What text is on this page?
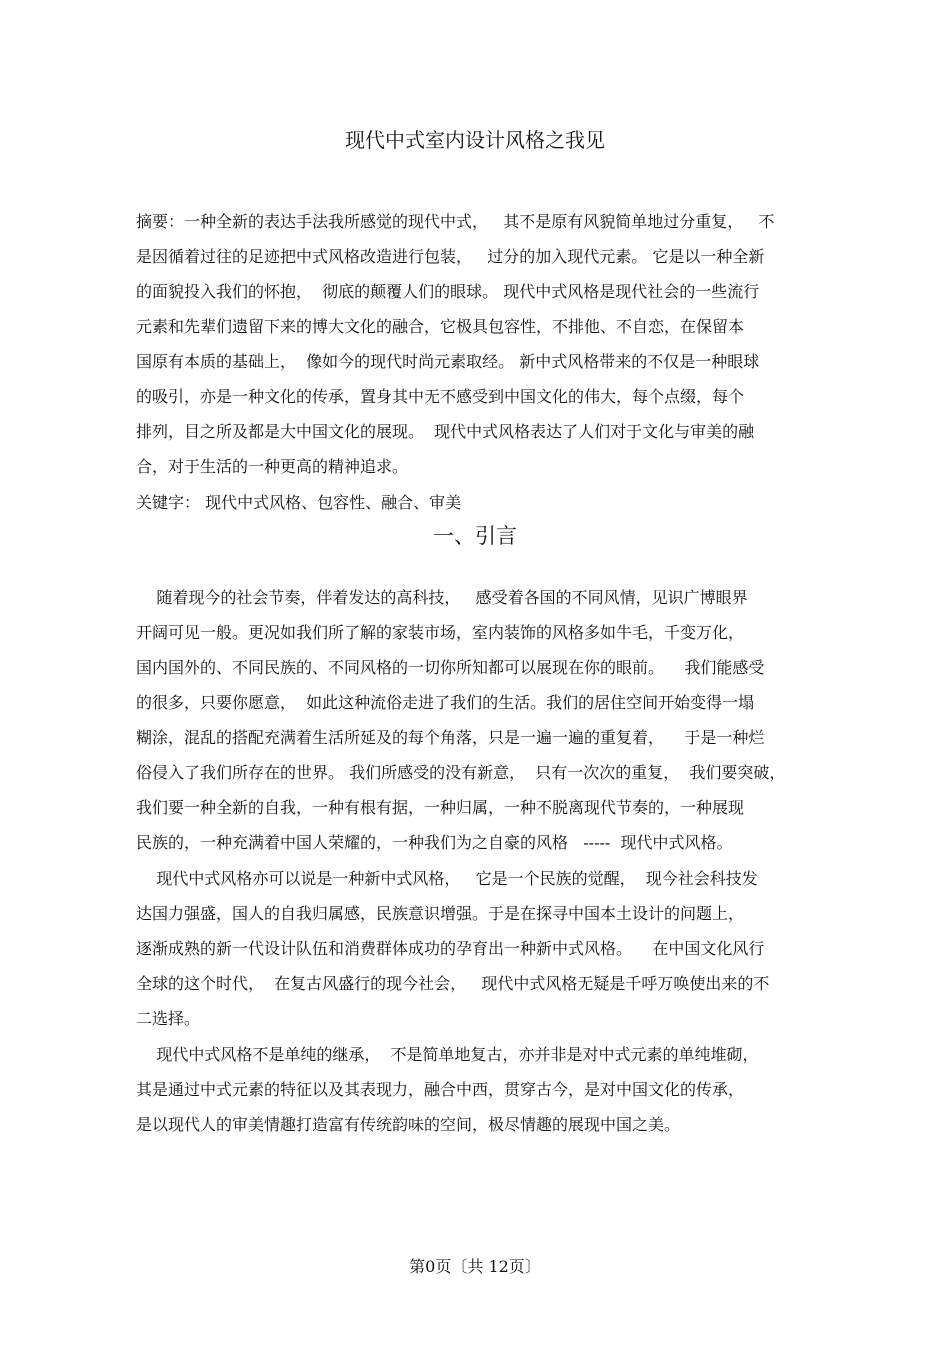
现代中式室内设计风格之我见
摘要：一种全新的表达手法我所感觉的现代中式，   其不是原有风貌简单地过分重复，   不
是因循着过往的足迹把中式风格改造进行包装，   过分的加入现代元素。 它是以一种全新
的面貌投入我们的怀抱，  彻底的颠覆人们的眼球。 现代中式风格是现代社会的一些流行
元素和先辈们遗留下来的博大文化的融合，它极具包容性，不排他、不自恋，在保留本
国原有本质的基础上，  像如今的现代时尚元素取经。 新中式风格带来的不仅是一种眼球
的吸引，亦是一种文化的传承，置身其中无不感受到中国文化的伟大，每个点缀，每个
排列，目之所及都是大中国文化的展现。  现代中式风格表达了人们对于文化与审美的融
合，对于生活的一种更高的精神追求。
关键字： 现代中式风格、包容性、融合、审美
一、引言
随着现今的社会节奏，伴着发达的高科技，   感受着各国的不同风情，见识广博眼界
开阔可见一般。更况如我们所了解的家装市场，室内装饰的风格多如牛毛，千变万化，
国内国外的、不同民族的、不同风格的一切你所知都可以展现在你的眼前。    我们能感受
的很多，只要你愿意，  如此这种流俗走进了我们的生活。我们的居住空间开始变得一塌
糊涂，混乱的搭配充满着生活所延及的每个角落，只是一遍一遍的重复着，    于是一种烂
俗侵入了我们所存在的世界。 我们所感受的没有新意，  只有一次次的重复，  我们要突破，
我们要一种全新的自我，一种有根有据，一种归属，一种不脱离现代节奏的，一种展现
民族的，一种充满着中国人荣耀的，一种我们为之自豪的风格   -----  现代中式风格。
现代中式风格亦可以说是一种新中式风格，   它是一个民族的觉醒，  现今社会科技发
达国力强盛，国人的自我归属感，民族意识增强。于是在探寻中国本土设计的问题上，
逐渐成熟的新一代设计队伍和消费群体成功的孕育出一种新中式风格。    在中国文化风行
全球的这个时代，  在复古风盛行的现今社会，   现代中式风格无疑是千呼万唤使出来的不
二选择。
现代中式风格不是单纯的继承，  不是简单地复古，亦并非是对中式元素的单纯堆砌，
其是通过中式元素的特征以及其表现力，融合中西，贯穿古今，是对中国文化的传承，
是以现代人的审美情趣打造富有传统韵味的空间，极尽情趣的展现中国之美。
第0页〔共 12页〕
